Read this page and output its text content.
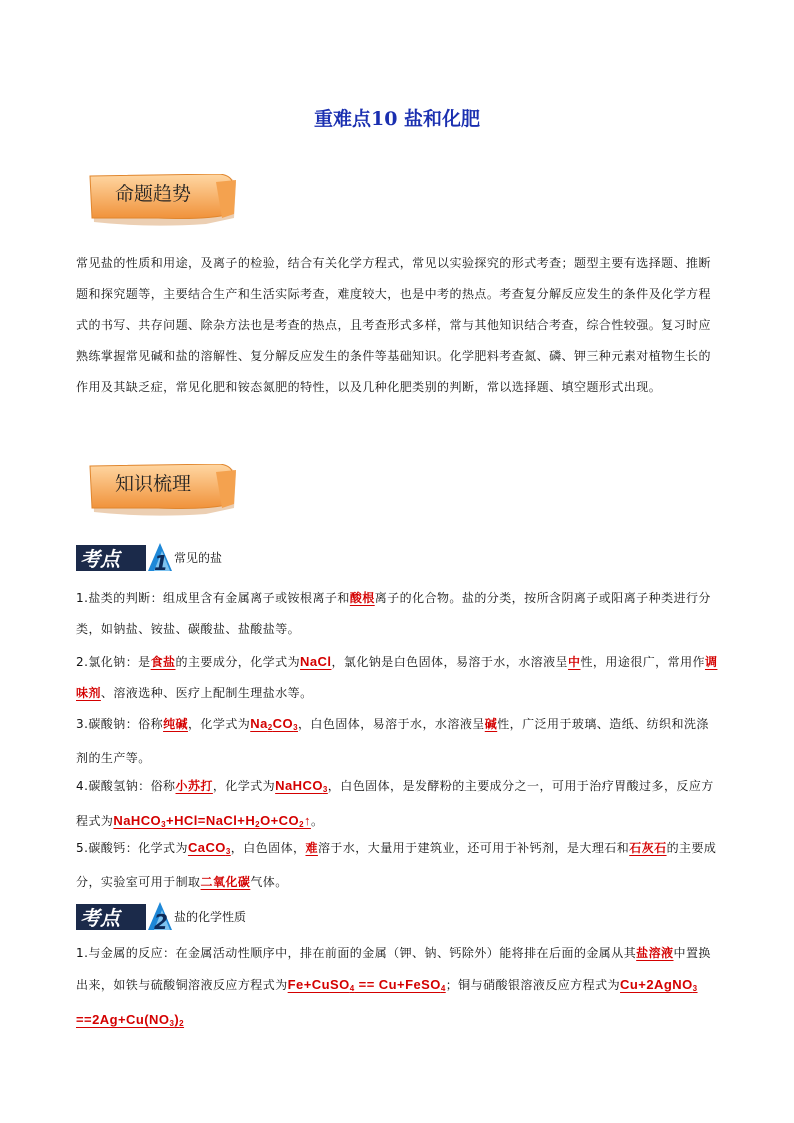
重难点10 盐和化肥
命题趋势

常见盐的性质和用途，及离子的检验，结合有关化学方程式，常见以实验探究的形式考查；题型主要有选择题、推断题和探究题等，主要结合生产和生活实际考查，难度较大，也是中考的热点。考查复分解反应发生的条件及化学方程式的书写、共存问题、除杂方法也是考查的热点，且考查形式多样，常与其他知识结合考查，综合性较强。复习时应熟练掌握常见碱和盐的溶解性、复分解反应发生的条件等基础知识。化学肥料考查氮、磷、钾三种元素对植物生长的作用及其缺乏症，常见化肥和铵态氮肥的特性，以及几种化肥类别的判断，常以选择题、填空题形式出现。

知识梳理
考点 1 常见的盐

1.盐类的判断：组成里含有金属离子或铵根离子和酸根离子的化合物。盐的分类，按所含阴离子或阳离子种类进行分类，如钠盐、铵盐、碳酸盐、盐酸盐等。

2.氯化钠：是食盐的主要成分，化学式为NaCl，氯化钠是白色固体，易溶于水，水溶液呈中性，用途很广，常用作调味剂、溶液选种、医疗上配制生理盐水等。

3.碳酸钠：俗称纯碱，化学式为$Na_2CO_3$，白色固体，易溶于水，水溶液呈碱性，广泛用于玻璃、造纸、纺织和洗涤剂的生产等。

4.碳酸氢钠：俗称小苏打，化学式为NaHCO$_3$，白色固体，是发酵粉的主要成分之一，可用于治疗胃酸过多，反应方程式为$NaHCO_3+HCl=NaCl+H_2O+CO_2↑$。

5.碳酸钙：化学式为CaCO$_3$，白色固体，难溶于水，大量用于建筑业，还可用于补钙剂，是大理石和石灰石的主要成分，实验室可用于制取二氧化碳气体。

考点 2 盐的化学性质

1.与金属的反应：在金属活动性顺序中，排在前面的金属（钾、钠、钙除外）能将排在后面的金属从其盐溶液中置换出来，如铁与硫酸铜溶液反应方程式为Fe+CuSO$_4$ == Cu+FeSO$_4$；铜与硝酸银溶液反应方程式为Cu+2AgNO$_3$ $==2Ag+Cu(NO_3)_2$
